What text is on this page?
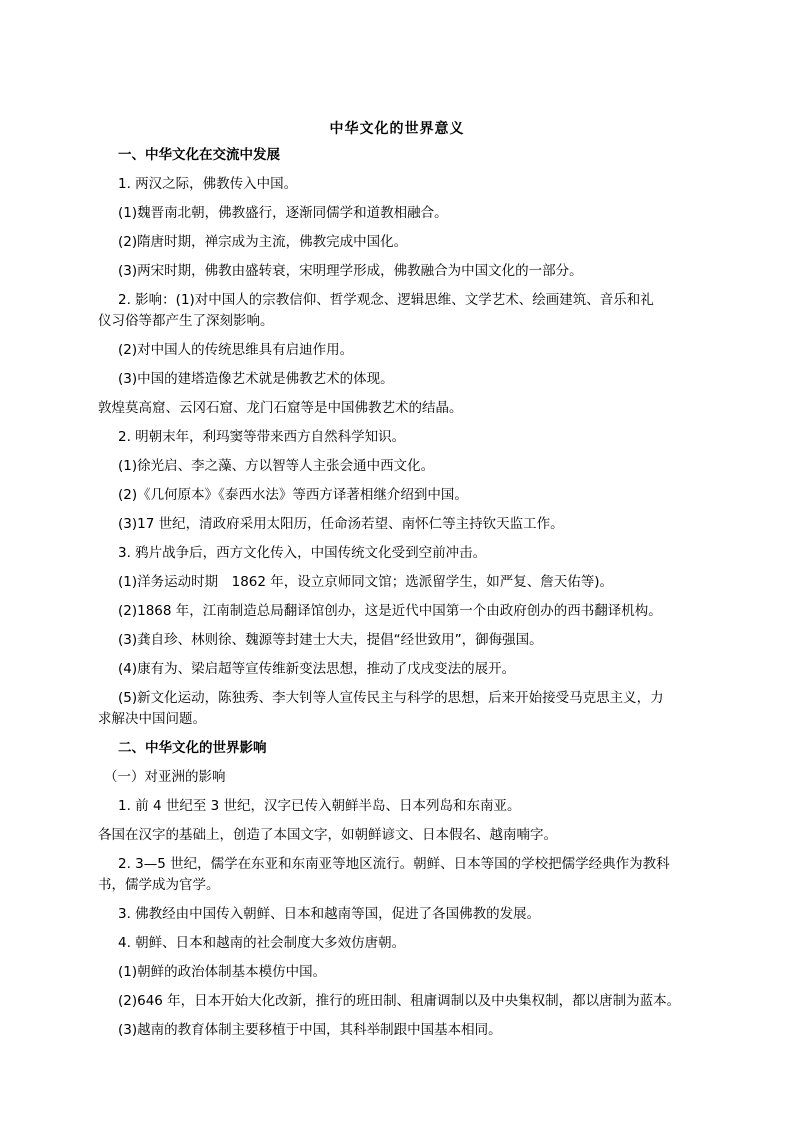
中华文化的世界意义
一、中华文化在交流中发展
1. 两汉之际，佛教传入中国。
(1)魏晋南北朝，佛教盛行，逐渐同儒学和道教相融合。
(2)隋唐时期，禅宗成为主流，佛教完成中国化。
(3)两宋时期，佛教由盛转衰，宋明理学形成，佛教融合为中国文化的一部分。
2. 影响：(1)对中国人的宗教信仰、哲学观念、逻辑思维、文学艺术、绘画建筑、音乐和礼
仪习俗等都产生了深刻影响。
(2)对中国人的传统思维具有启迪作用。
(3)中国的建塔造像艺术就是佛教艺术的体现。
敦煌莫高窟、云冈石窟、龙门石窟等是中国佛教艺术的结晶。
2. 明朝末年，利玛窦等带来西方自然科学知识。
(1)徐光启、李之藻、方以智等人主张会通中西文化。
(2)《几何原本》《泰西水法》等西方译著相继介绍到中国。
(3)17 世纪，清政府采用太阳历，任命汤若望、南怀仁等主持钦天监工作。
3. 鸦片战争后，西方文化传入，中国传统文化受到空前冲击。
(1)洋务运动时期　1862 年，设立京师同文馆；选派留学生，如严复、詹天佑等)。
(2)1868 年，江南制造总局翻译馆创办，这是近代中国第一个由政府创办的西书翻译机构。
(3)龚自珍、林则徐、魏源等封建士大夫，提倡“经世致用”，御侮强国。
(4)康有为、梁启超等宣传维新变法思想，推动了戊戌变法的展开。
(5)新文化运动，陈独秀、李大钊等人宣传民主与科学的思想，后来开始接受马克思主义，力
求解决中国问题。
二、中华文化的世界影响
（一）对亚洲的影响
1. 前 4 世纪至 3 世纪，汉字已传入朝鲜半岛、日本列岛和东南亚。
各国在汉字的基础上，创造了本国文字，如朝鲜谚文、日本假名、越南喃字。
2. 3—5 世纪，儒学在东亚和东南亚等地区流行。朝鲜、日本等国的学校把儒学经典作为教科
书，儒学成为官学。
3. 佛教经由中国传入朝鲜、日本和越南等国，促进了各国佛教的发展。
4. 朝鲜、日本和越南的社会制度大多效仿唐朝。
(1)朝鲜的政治体制基本模仿中国。
(2)646 年，日本开始大化改新，推行的班田制、租庸调制以及中央集权制，都以唐制为蓝本。
(3)越南的教育体制主要移植于中国，其科举制跟中国基本相同。
